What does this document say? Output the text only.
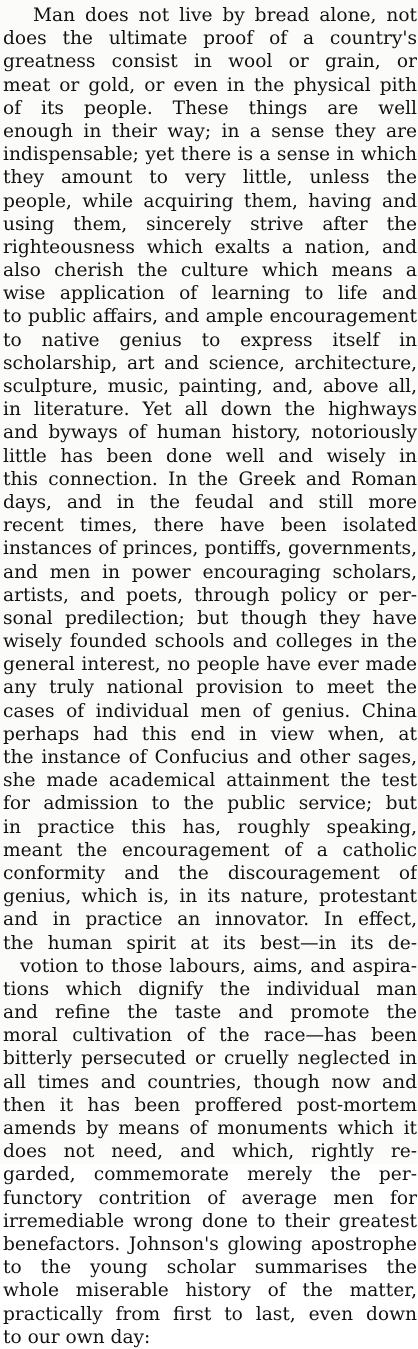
Man does not live by bread alone, not
does the ultimate proof of a country's
greatness consist in wool or grain, or
meat or gold, or even in the physical pith
of its people. These things are well
enough in their way; in a sense they are
indispensable; yet there is a sense in which
they amount to very little, unless the
people, while acquiring them, having and
using them, sincerely strive after the
righteousness which exalts a nation, and
also cherish the culture which means a
wise application of learning to life and
to public affairs, and ample encouragement
to native genius to express itself in
scholarship, art and science, architecture,
sculpture, music, painting, and, above all,
in literature. Yet all down the highways
and byways of human history, notoriously
little has been done well and wisely in
this connection. In the Greek and Roman
days, and in the feudal and still more
recent times, there have been isolated
instances of princes, pontiffs, governments,
and men in power encouraging scholars,
artists, and poets, through policy or per-
sonal predilection; but though they have
wisely founded schools and colleges in the
general interest, no people have ever made
any truly national provision to meet the
cases of individual men of genius. China
perhaps had this end in view when, at
the instance of Confucius and other sages,
she made academical attainment the test
for admission to the public service; but
in practice this has, roughly speaking,
meant the encouragement of a catholic
conformity and the discouragement of
genius, which is, in its nature, protestant
and in practice an innovator. In effect,
the human spirit at its best—in its de-
votion to those labours, aims, and aspira-
tions which dignify the individual man
and refine the taste and promote the
moral cultivation of the race—has been
bitterly persecuted or cruelly neglected in
all times and countries, though now and
then it has been proffered post-mortem
amends by means of monuments which it
does not need, and which, rightly re-
garded, commemorate merely the per-
functory contrition of average men for
irremediable wrong done to their greatest
benefactors. Johnson's glowing apostrophe
to the young scholar summarises the
whole miserable history of the matter,
practically from first to last, even down
to our own day:
